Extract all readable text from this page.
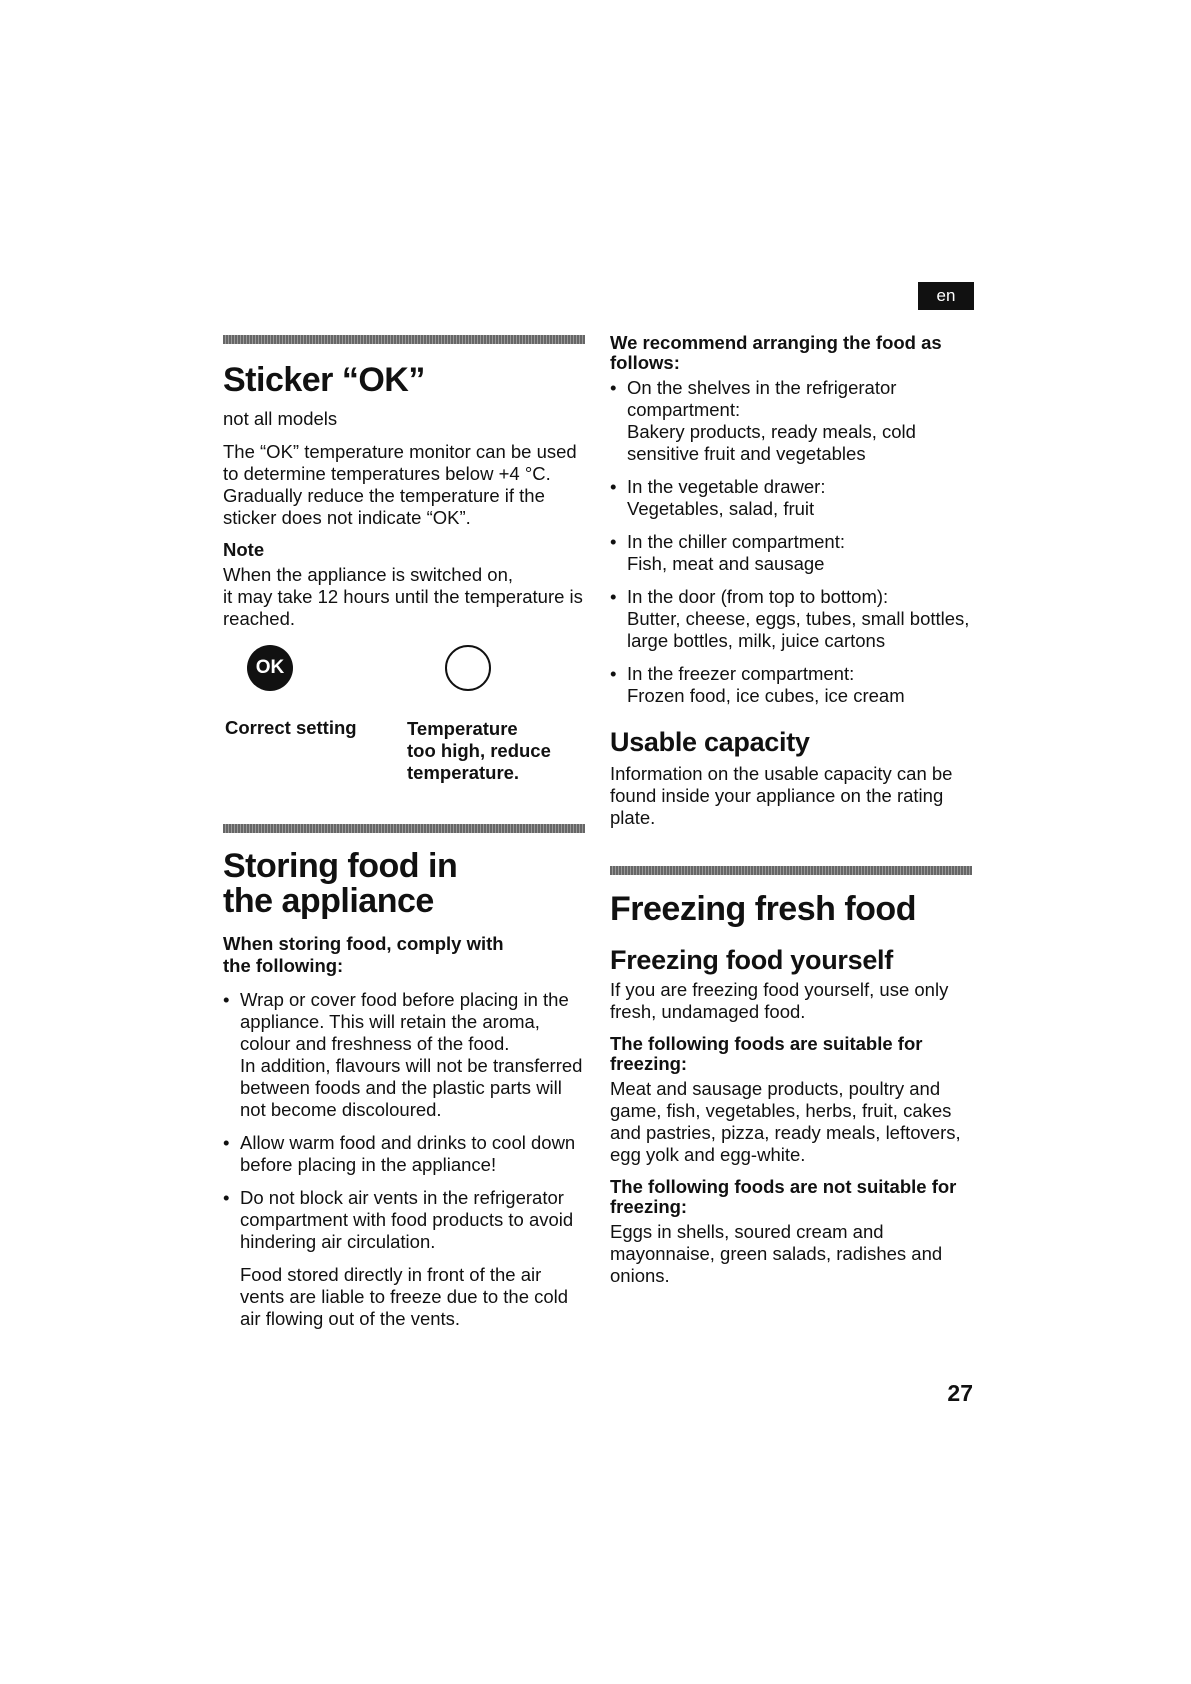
en
Sticker “OK”

not all models

The “OK” temperature monitor can be used to determine temperatures below +4 °C. Gradually reduce the temperature if the sticker does not indicate “OK”.

Note

When the appliance is switched on,
it may take 12 hours until the temperature is reached.

OK

Correct setting	Temperature
too high, reduce
temperature.

Storing food in
the appliance

When storing food, comply with
the following:

• Wrap or cover food before placing in the appliance. This will retain the aroma, colour and freshness of the food.
In addition, flavours will not be transferred between foods and the plastic parts will not become discoloured.
• Allow warm food and drinks to cool down before placing in the appliance!
• Do not block air vents in the refrigerator compartment with food products to avoid hindering air circulation.

Food stored directly in front of the air vents are liable to freeze due to the cold air flowing out of the vents.

We recommend arranging the food as follows:

• On the shelves in the refrigerator compartment:
Bakery products, ready meals, cold sensitive fruit and vegetables
• In the vegetable drawer:
Vegetables, salad, fruit
• In the chiller compartment:
Fish, meat and sausage
• In the door (from top to bottom):
Butter, cheese, eggs, tubes, small bottles, large bottles, milk, juice cartons
• In the freezer compartment:
Frozen food, ice cubes, ice cream
Usable capacity

Information on the usable capacity can be found inside your appliance on the rating plate.

Freezing fresh food
Freezing food yourself

If you are freezing food yourself, use only fresh, undamaged food.

The following foods are suitable for freezing:

Meat and sausage products, poultry and game, fish, vegetables, herbs, fruit, cakes and pastries, pizza, ready meals, leftovers, egg yolk and egg-white.

The following foods are not suitable for freezing:

Eggs in shells, soured cream and mayonnaise, green salads, radishes and onions.

27
